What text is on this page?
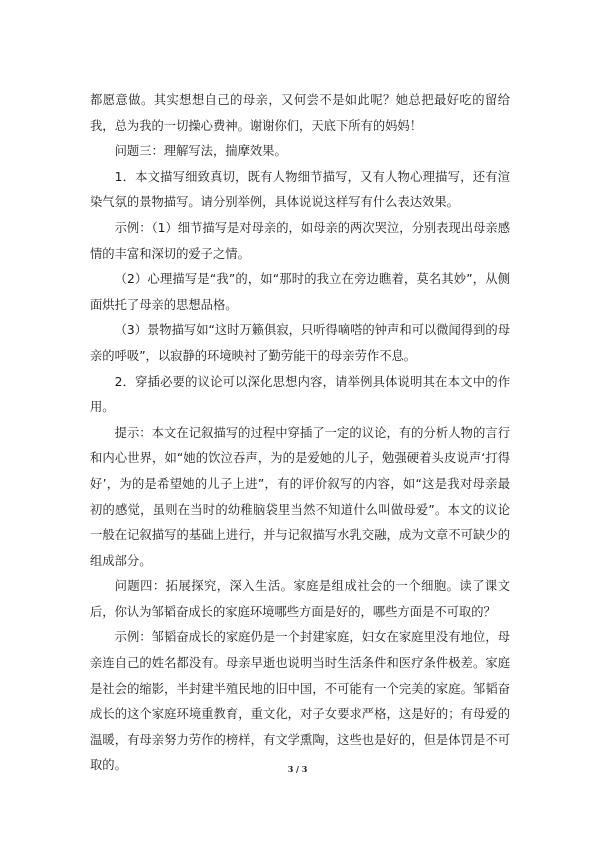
都愿意做。其实想想自己的母亲，又何尝不是如此呢？她总把最好吃的留给我，总为我的一切操心费神。谢谢你们，天底下所有的妈妈！

问题三：理解写法，揣摩效果。

1．本文描写细致真切，既有人物细节描写，又有人物心理描写，还有渲染气氛的景物描写。请分别举例，具体说说这样写有什么表达效果。

示例：（1）细节描写是对母亲的，如母亲的两次哭泣，分别表现出母亲感情的丰富和深切的爱子之情。

（2）心理描写是“我”的，如“那时的我立在旁边瞧着，莫名其妙”，从侧面烘托了母亲的思想品格。

（3）景物描写如“这时万籁俱寂，只听得嘀嗒的钟声和可以微闻得到的母亲的呼吸”，以寂静的环境映衬了勤劳能干的母亲劳作不息。

2．穿插必要的议论可以深化思想内容，请举例具体说明其在本文中的作用。

提示：本文在记叙描写的过程中穿插了一定的议论，有的分析人物的言行和内心世界，如“她的饮泣吞声，为的是爱她的儿子，勉强硬着头皮说声‘打得好’，为的是希望她的儿子上进”，有的评价叙写的内容，如“这是我对母亲最初的感觉，虽则在当时的幼稚脑袋里当然不知道什么叫做母爱”。本文的议论一般在记叙描写的基础上进行，并与记叙描写水乳交融，成为文章不可缺少的组成部分。

问题四：拓展探究，深入生活。家庭是组成社会的一个细胞。读了课文后，你认为邹韬奋成长的家庭环境哪些方面是好的，哪些方面是不可取的？

示例：邹韬奋成长的家庭仍是一个封建家庭，妇女在家庭里没有地位，母亲连自己的姓名都没有。母亲早逝也说明当时生活条件和医疗条件极差。家庭是社会的缩影，半封建半殖民地的旧中国，不可能有一个完美的家庭。邹韬奋成长的这个家庭环境重教育，重文化，对子女要求严格，这是好的；有母爱的温暖，有母亲努力劳作的榜样，有文学熏陶，这些也是好的，但是体罚是不可取的。	3 / 3
